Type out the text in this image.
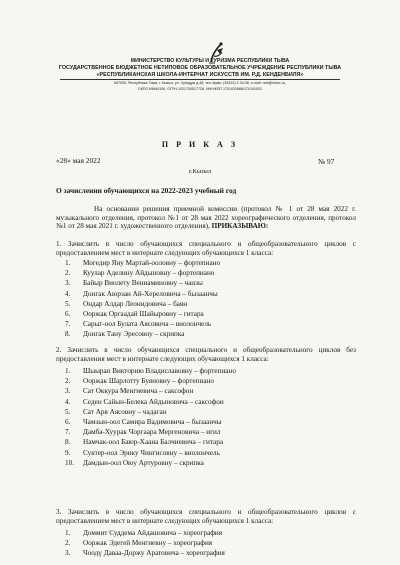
МИНИСТЕРСТВО КУЛЬТУРЫ И ТУРИЗМА РЕСПУБЛИКИ ТЫВА
ГОСУДАРСТВЕННОЕ БЮДЖЕТНОЕ НЕТИПОВОЕ ОБРАЗОВАТЕЛЬНОЕ УЧРЕЖДЕНИЕ РЕСПУБЛИКИ ТЫВА
«РЕСПУБЛИКАНСКАЯ ШКОЛА-ИНТЕРНАТ ИСКУССТВ ИМ. Р.Д. КЕНДЕНБИЛЯ»
667000, Республика Тыва, г. Кызыл, ул. Чульдум д.48, тел./факс: (39422) 2-34-36, e-mail: rshi@inbox.ru,
ОКПО 69664159, ОГРН 1021700517728, ИНН/КПП 1701031666/170101001
П Р И К А З
«28» мая 2022	№ 97
г.Кызыл
О зачислении обучающихся на 2022-2023 учебный год
На основании решения приемной комиссии (протокол № 1 от 28 мая 2022 г. музыкального отделения, протокол №1 от 28 мая 2022 хореографического отделения, протокол №1 от 28 мая 2021 г. художественного отделения), ПРИКАЗЫВАЮ:
1. Зачислить в число обучающихся специального и общеобразовательного циклов с предоставлением мест в интернате следующих обучающихся 1 класса:
1. Могедир Яну Мартай-ооловну – фортепиано
2. Куулар Аделину Айдыновну – фортепиано
3. Байыр Виолету Вениаминовну – чанзы
4. Донгак Аюрзан Ай-Хереловича – бызаанчы
5. Ондар Алдар Леонидовича – баян
6. Ооржак Оргаадай Шайыровну – гитара
7. Сарыг-оол Булата Аясовича – виолончель
8. Донгак Тану Эресовну – скрипка
2. Зачислить в число обучающихся специального и общеобразовательного циклов без предоставления мест в интернате следующих обучающихся 1 класса:
1. Шыырап Викторию Владиславовну – фортепиано
2. Ооржак Шарлотту Буяновну – фортепиано
3. Сат Оккура Менгиевича – саксофон
4. Седен Сайын-Белека Айдыновича – саксофон
5. Сат Аря Аясовну – чадаган
6. Чамзын-оол Самира Вадимовича – бызаанчы
7. Дамба-Хуурак Чоргаара Мергеновича – игил
8. Намчак-оол Баюр-Хаана Балчиевича – гитара
9. Суктер-оол Эрику Чингисовну – виолончель
10. Дамдын-оол Оюу Артуровну – скрипка
3. Зачислить в число обучающихся специального и общеобразовательного циклов с предоставлением мест в интернате следующих обучающихся 1 класса:
1. Доммит Суддема Айдашовича – хореография
2. Ооржак Эдегей Менгиевну – хореография
3. Чоодү Даваа-Доржу Аратовича – хореография
